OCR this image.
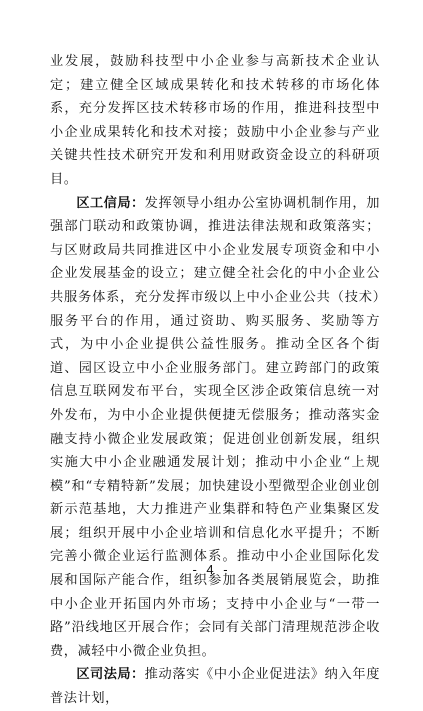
业发展，鼓励科技型中小企业参与高新技术企业认定；建立健全区域成果转化和技术转移的市场化体系，充分发挥区技术转移市场的作用，推进科技型中小企业成果转化和技术对接；鼓励中小企业参与产业关键共性技术研究开发和利用财政资金设立的科研项目。

区工信局：发挥领导小组办公室协调机制作用，加强部门联动和政策协调，推进法律法规和政策落实；与区财政局共同推进区中小企业发展专项资金和中小企业发展基金的设立；建立健全社会化的中小企业公共服务体系，充分发挥市级以上中小企业公共（技术）服务平台的作用，通过资助、购买服务、奖励等方式，为中小企业提供公益性服务。推动全区各个街道、园区设立中小企业服务部门。建立跨部门的政策信息互联网发布平台，实现全区涉企政策信息统一对外发布，为中小企业提供便捷无偿服务；推动落实金融支持小微企业发展政策；促进创业创新发展，组织实施大中小企业融通发展计划；推动中小企业“上规模”和“专精特新”发展；加快建设小型微型企业创业创新示范基地，大力推进产业集群和特色产业集聚区发展；组织开展中小企业培训和信息化水平提升；不断完善小微企业运行监测体系。推动中小企业国际化发展和国际产能合作，组织参加各类展销展览会，助推中小企业开拓国内外市场；支持中小企业与“一带一路”沿线地区开展合作；会同有关部门清理规范涉企收费，减轻中小微企业负担。

区司法局：推动落实《中小企业促进法》纳入年度普法计划，

- 4 -
